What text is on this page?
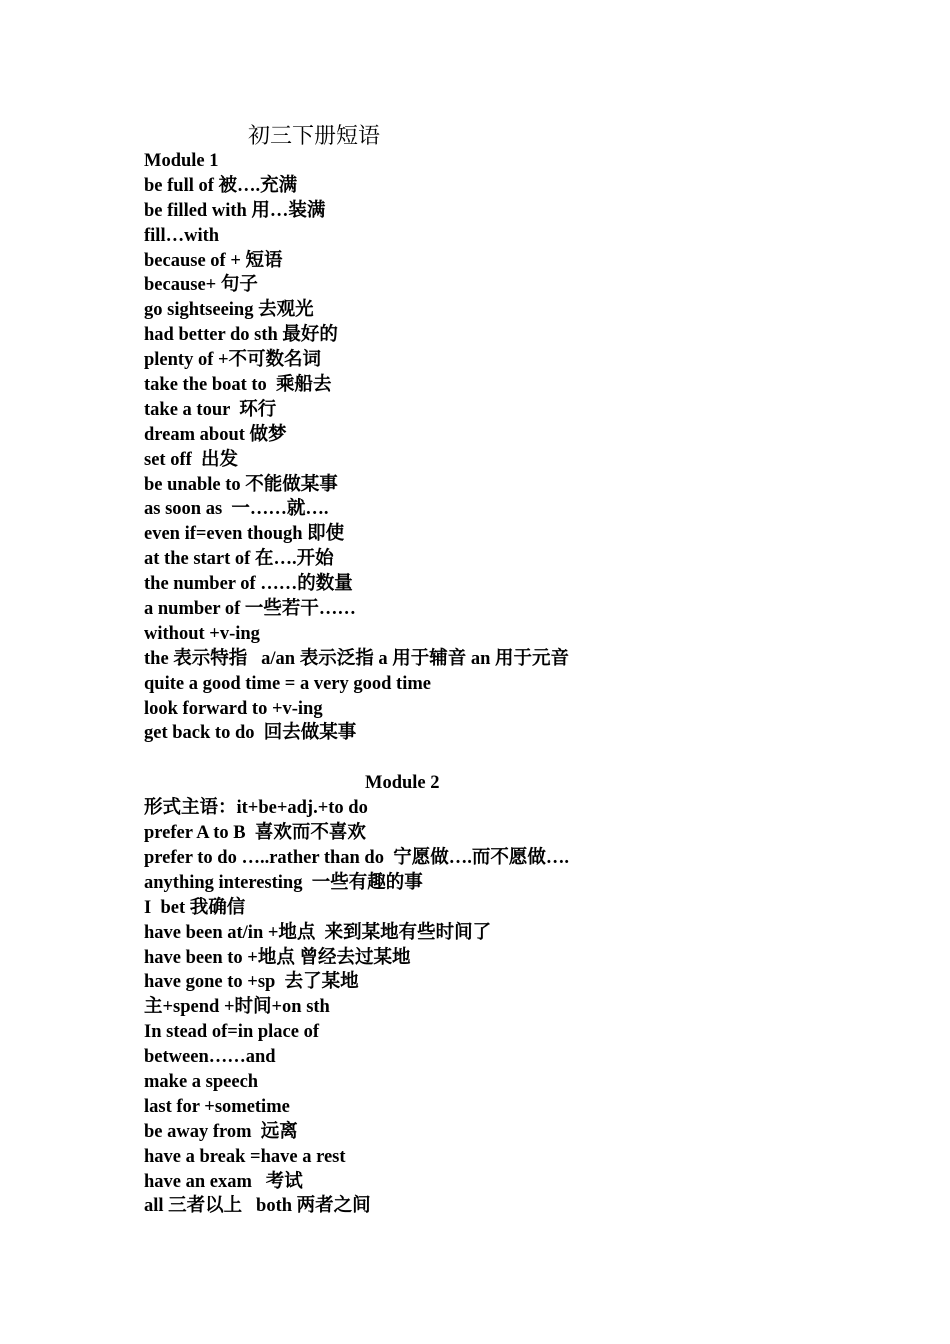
初三下册短语
Module 1
be full of 被….充满
be filled with 用…装满
fill…with
because of + 短语
because+ 句子
go sightseeing 去观光
had better do sth 最好的
plenty of +不可数名词
take the boat to  乘船去
take a tour  环行
dream about 做梦
set off  出发
be unable to 不能做某事
as soon as  一……就….
even if=even though 即使
at the start of 在….开始
the number of ……的数量
a number of 一些若干……
without +v-ing
the 表示特指   a/an 表示泛指 a 用于辅音 an 用于元音
quite a good time = a very good time
look forward to +v-ing
get back to do  回去做某事
Module 2
形式主语：it+be+adj.+to do
prefer A to B  喜欢而不喜欢
prefer to do …..rather than do  宁愿做….而不愿做….
anything interesting  一些有趣的事
I  bet 我确信
have been at/in +地点  来到某地有些时间了
have been to +地点 曾经去过某地
have gone to +sp  去了某地
主+spend +时间+on sth
In stead of=in place of
between……and
make a speech
last for +sometime
be away from  远离
have a break =have a rest
have an exam   考试
all 三者以上   both 两者之间
